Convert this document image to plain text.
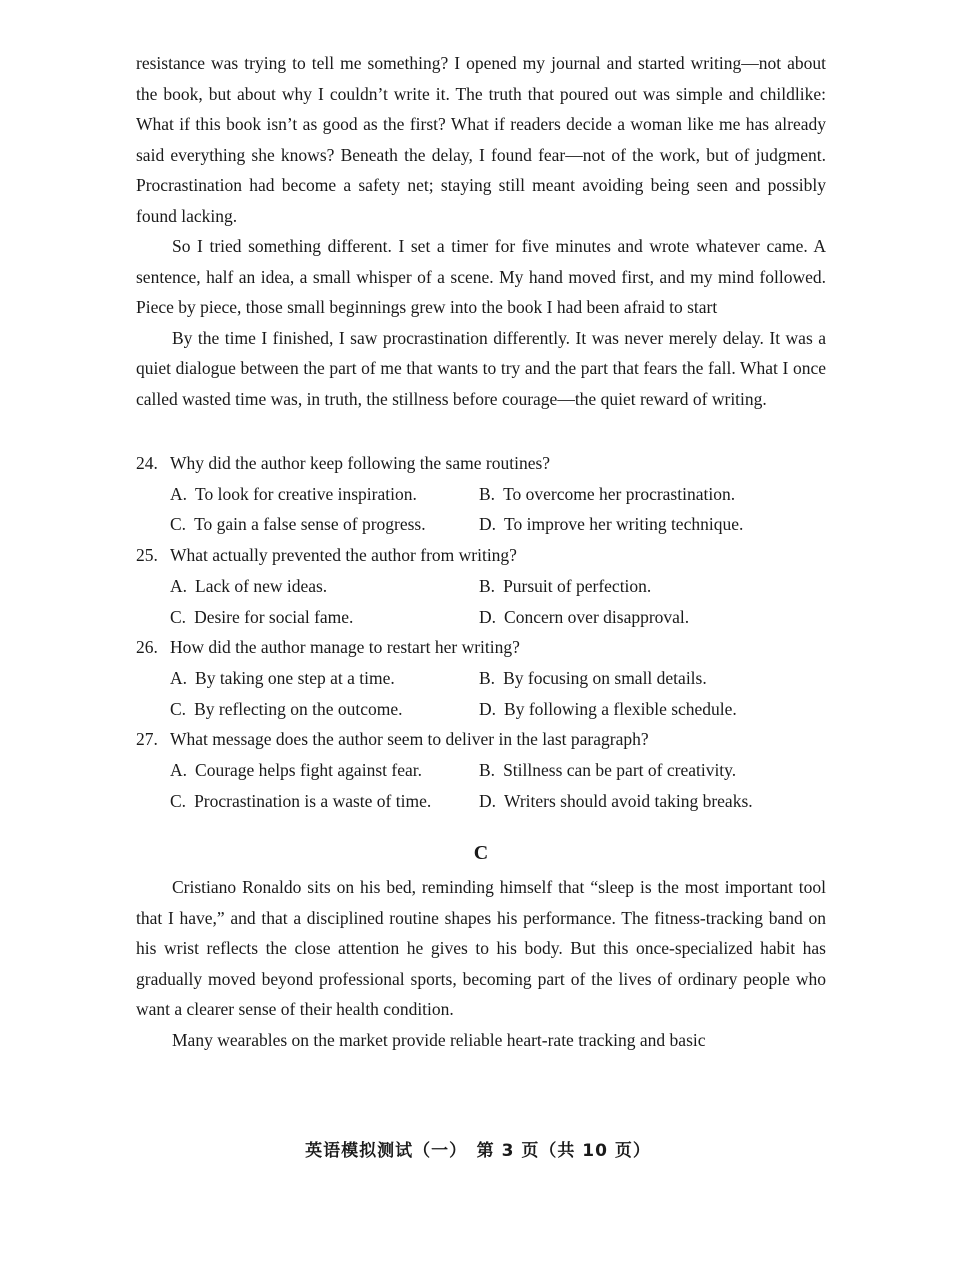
resistance was trying to tell me something? I opened my journal and started writing—not about the book, but about why I couldn’t write it. The truth that poured out was simple and childlike: What if this book isn’t as good as the first? What if readers decide a woman like me has already said everything she knows? Beneath the delay, I found fear—not of the work, but of judgment. Procrastination had become a safety net; staying still meant avoiding being seen and possibly found lacking.

So I tried something different. I set a timer for five minutes and wrote whatever came. A sentence, half an idea, a small whisper of a scene. My hand moved first, and my mind followed. Piece by piece, those small beginnings grew into the book I had been afraid to start

By the time I finished, I saw procrastination differently. It was never merely delay. It was a quiet dialogue between the part of me that wants to try and the part that fears the fall. What I once called wasted time was, in truth, the stillness before courage—the quiet reward of writing.

24. Why did the author keep following the same routines?
A. To look for creative inspiration.	B. To overcome her procrastination.
C. To gain a false sense of progress.	D. To improve her writing technique.
25. What actually prevented the author from writing?
A. Lack of new ideas.	B. Pursuit of perfection.
C. Desire for social fame.	D. Concern over disapproval.
26. How did the author manage to restart her writing?
A. By taking one step at a time.	B. By focusing on small details.
C. By reflecting on the outcome.	D. By following a flexible schedule.
27. What message does the author seem to deliver in the last paragraph?
A. Courage helps fight against fear.	B. Stillness can be part of creativity.
C. Procrastination is a waste of time.	D. Writers should avoid taking breaks.
C

Cristiano Ronaldo sits on his bed, reminding himself that “sleep is the most important tool that I have,” and that a disciplined routine shapes his performance. The fitness-tracking band on his wrist reflects the close attention he gives to his body. But this once-specialized habit has gradually moved beyond professional sports, becoming part of the lives of ordinary people who want a clearer sense of their health condition.

Many wearables on the market provide reliable heart-rate tracking and basic

英语模拟测试（一）　第 3 页（共 10 页）
